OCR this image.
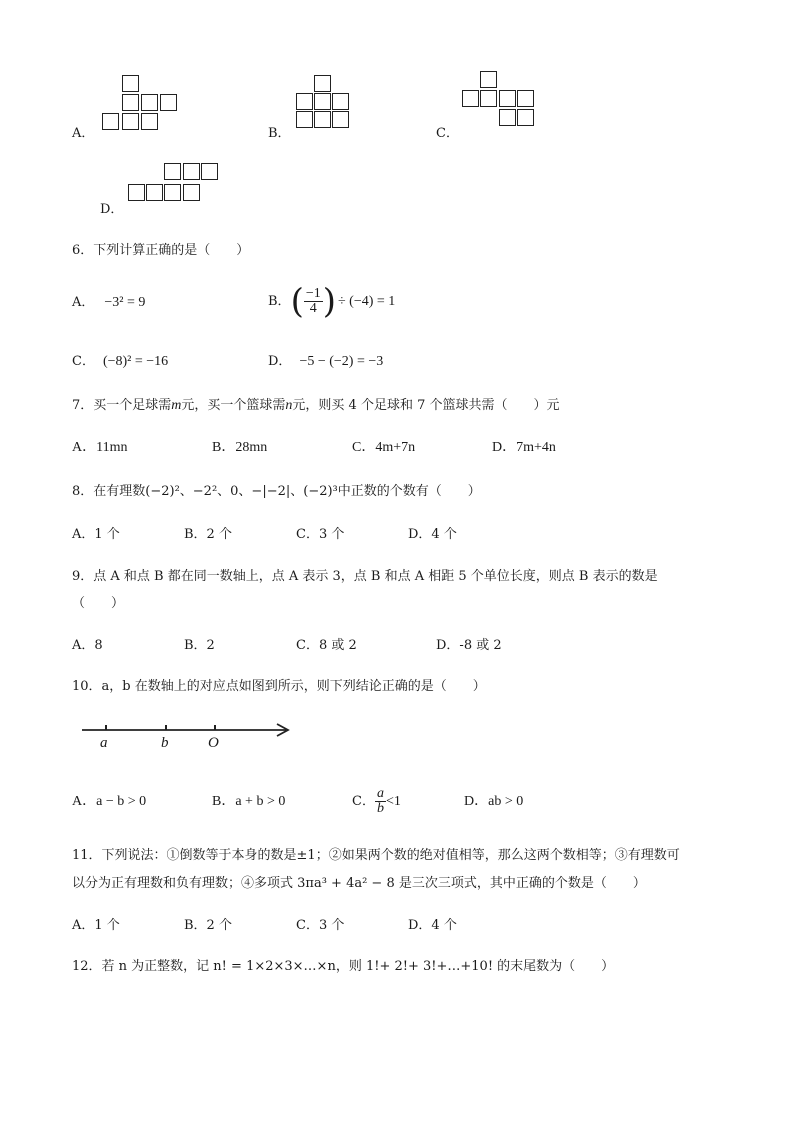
A．	B．	C．
D．
6．下列计算正确的是（　　）
A． −3² = 9	B．( $\frac{-1}{4}$ ) ÷ (−4) = 1
C． (−8)² = −16	D． −5 − (−2) = −3
7．买一个足球需m元，买一个篮球需n元，则买 4 个足球和 7 个篮球共需（　　）元
A．11mn	B．28mn	C．4m+7n	D．7m+4n
8．在有理数(−2)²、−2²、0、−|−2|、(−2)³中正数的个数有（　　）
A．1 个	B．2 个	C．3 个	D．4 个
9．点 A 和点 B 都在同一数轴上，点 A 表示 3，点 B 和点 A 相距 5 个单位长度，则点 B 表示的数是
（　　）
A．8	B．2	C．8 或 2	D．-8 或 2
10．a，b 在数轴上的对应点如图到所示，则下列结论正确的是（　　）
a	b	O
A．a − b > 0	B．a + b > 0	C． $\frac{a}{b} <1$	D．ab > 0
11．下列说法：①倒数等于本身的数是±1；②如果两个数的绝对值相等，那么这两个数相等；③有理数可
以分为正有理数和负有理数；④多项式 3πa³ + 4a² − 8 是三次三项式，其中正确的个数是（　　）
A．1 个	B．2 个	C．3 个	D．4 个
12．若 n 为正整数，记 n! = 1×2×3×…×n，则 1!+ 2!+ 3!+…+10! 的末尾数为（　　）
